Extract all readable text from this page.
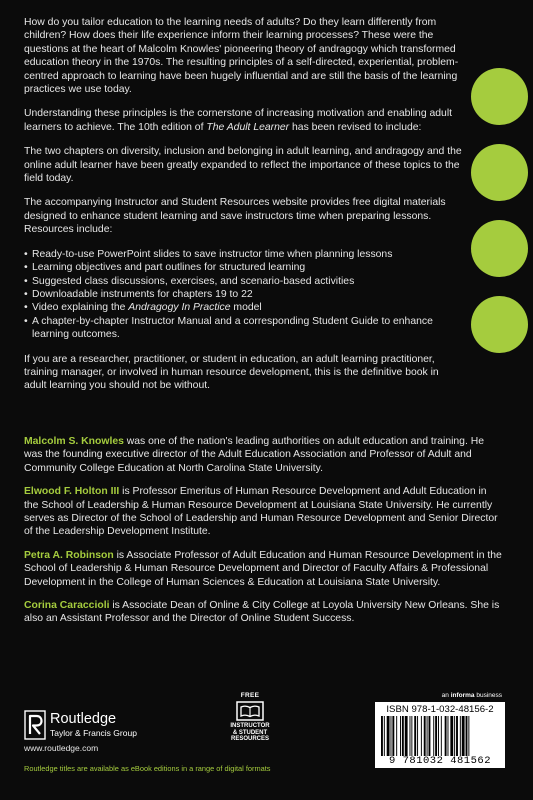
How do you tailor education to the learning needs of adults? Do they learn differently from children? How does their life experience inform their learning processes? These were the questions at the heart of Malcolm Knowles' pioneering theory of andragogy which transformed education theory in the 1970s. The resulting principles of a self-directed, experiential, problem-centred approach to learning have been hugely influential and are still the basis of the learning practices we use today.

Understanding these principles is the cornerstone of increasing motivation and enabling adult learners to achieve. The 10th edition of The Adult Learner has been revised to include:

The two chapters on diversity, inclusion and belonging in adult learning, and andragogy and the online adult learner have been greatly expanded to reflect the importance of these topics to the field today.

The accompanying Instructor and Student Resources website provides free digital materials designed to enhance student learning and save instructors time when preparing lessons. Resources include:

• Ready-to-use PowerPoint slides to save instructor time when planning lessons
• Learning objectives and part outlines for structured learning
• Suggested class discussions, exercises, and scenario-based activities
• Downloadable instruments for chapters 19 to 22
• Video explaining the Andragogy In Practice model
• A chapter-by-chapter Instructor Manual and a corresponding Student Guide to enhance learning outcomes.

If you are a researcher, practitioner, or student in education, an adult learning practitioner, training manager, or involved in human resource development, this is the definitive book in adult learning you should not be without.

Malcolm S. Knowles was one of the nation's leading authorities on adult education and training. He was the founding executive director of the Adult Education Association and Professor of Adult and Community College Education at North Carolina State University.

Elwood F. Holton III is Professor Emeritus of Human Resource Development and Adult Education in the School of Leadership & Human Resource Development at Louisiana State University. He currently serves as Director of the School of Leadership and Human Resource Development and Senior Director of the Leadership Development Institute.

Petra A. Robinson is Associate Professor of Adult Education and Human Resource Development in the School of Leadership & Human Resource Development and Director of Faculty Affairs & Professional Development in the College of Human Sciences & Education at Louisiana State University.

Corina Caraccioli is Associate Dean of Online & City College at Loyola University New Orleans. She is also an Assistant Professor and the Director of Online Student Success.

Routledge
Taylor & Francis Group
www.routledge.com
Routledge titles are available as eBook editions in a range of digital formats
FREE
INSTRUCTOR
& STUDENT
RESOURCES
an informa business
ISBN 978-1-032-48156-2
9 781032 481562
